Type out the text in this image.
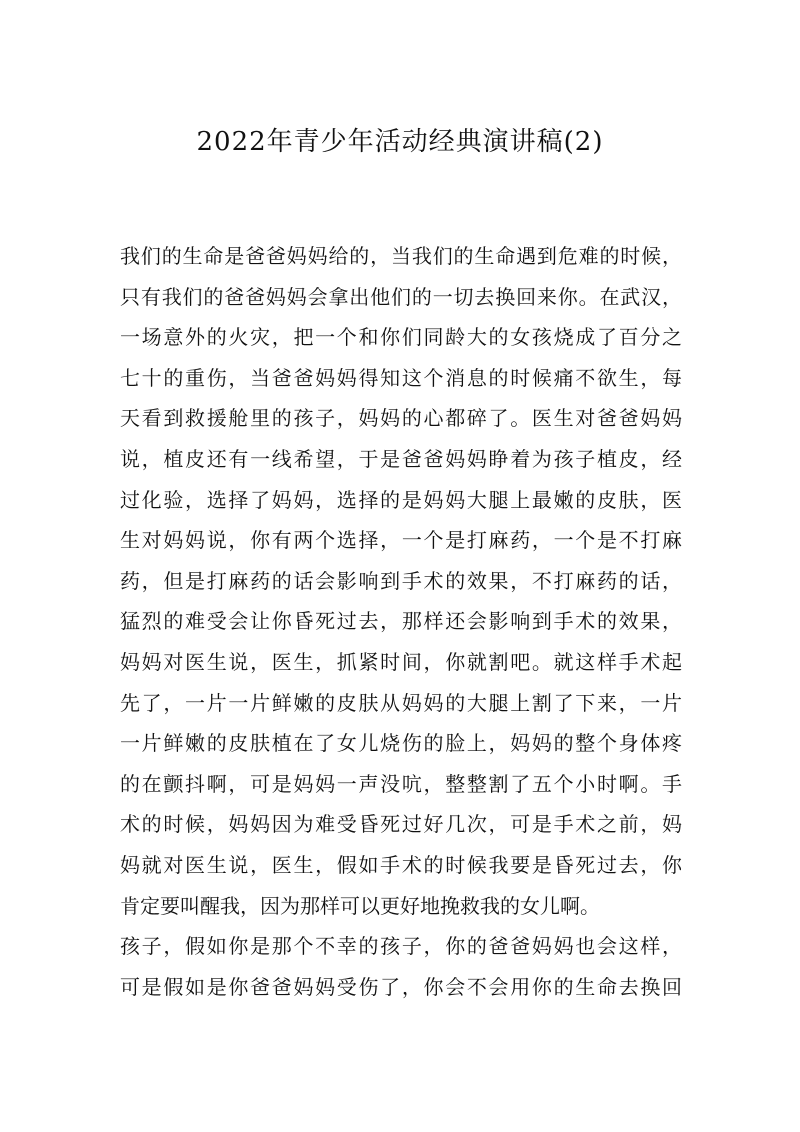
2022年青少年活动经典演讲稿(2)
我们的生命是爸爸妈妈给的，当我们的生命遇到危难的时候，
只有我们的爸爸妈妈会拿出他们的一切去换回来你。在武汉，
一场意外的火灾，把一个和你们同龄大的女孩烧成了百分之
七十的重伤，当爸爸妈妈得知这个消息的时候痛不欲生，每
天看到救援舱里的孩子，妈妈的心都碎了。医生对爸爸妈妈
说，植皮还有一线希望，于是爸爸妈妈睁着为孩子植皮，经
过化验，选择了妈妈，选择的是妈妈大腿上最嫩的皮肤，医
生对妈妈说，你有两个选择，一个是打麻药，一个是不打麻
药，但是打麻药的话会影响到手术的效果，不打麻药的话，
猛烈的难受会让你昏死过去，那样还会影响到手术的效果，
妈妈对医生说，医生，抓紧时间，你就割吧。就这样手术起
先了，一片一片鲜嫩的皮肤从妈妈的大腿上割了下来，一片
一片鲜嫩的皮肤植在了女儿烧伤的脸上，妈妈的整个身体疼
的在颤抖啊，可是妈妈一声没吭，整整割了五个小时啊。手
术的时候，妈妈因为难受昏死过好几次，可是手术之前，妈
妈就对医生说，医生，假如手术的时候我要是昏死过去，你
肯定要叫醒我，因为那样可以更好地挽救我的女儿啊。
孩子，假如你是那个不幸的孩子，你的爸爸妈妈也会这样，
可是假如是你爸爸妈妈受伤了，你会不会用你的生命去换回
